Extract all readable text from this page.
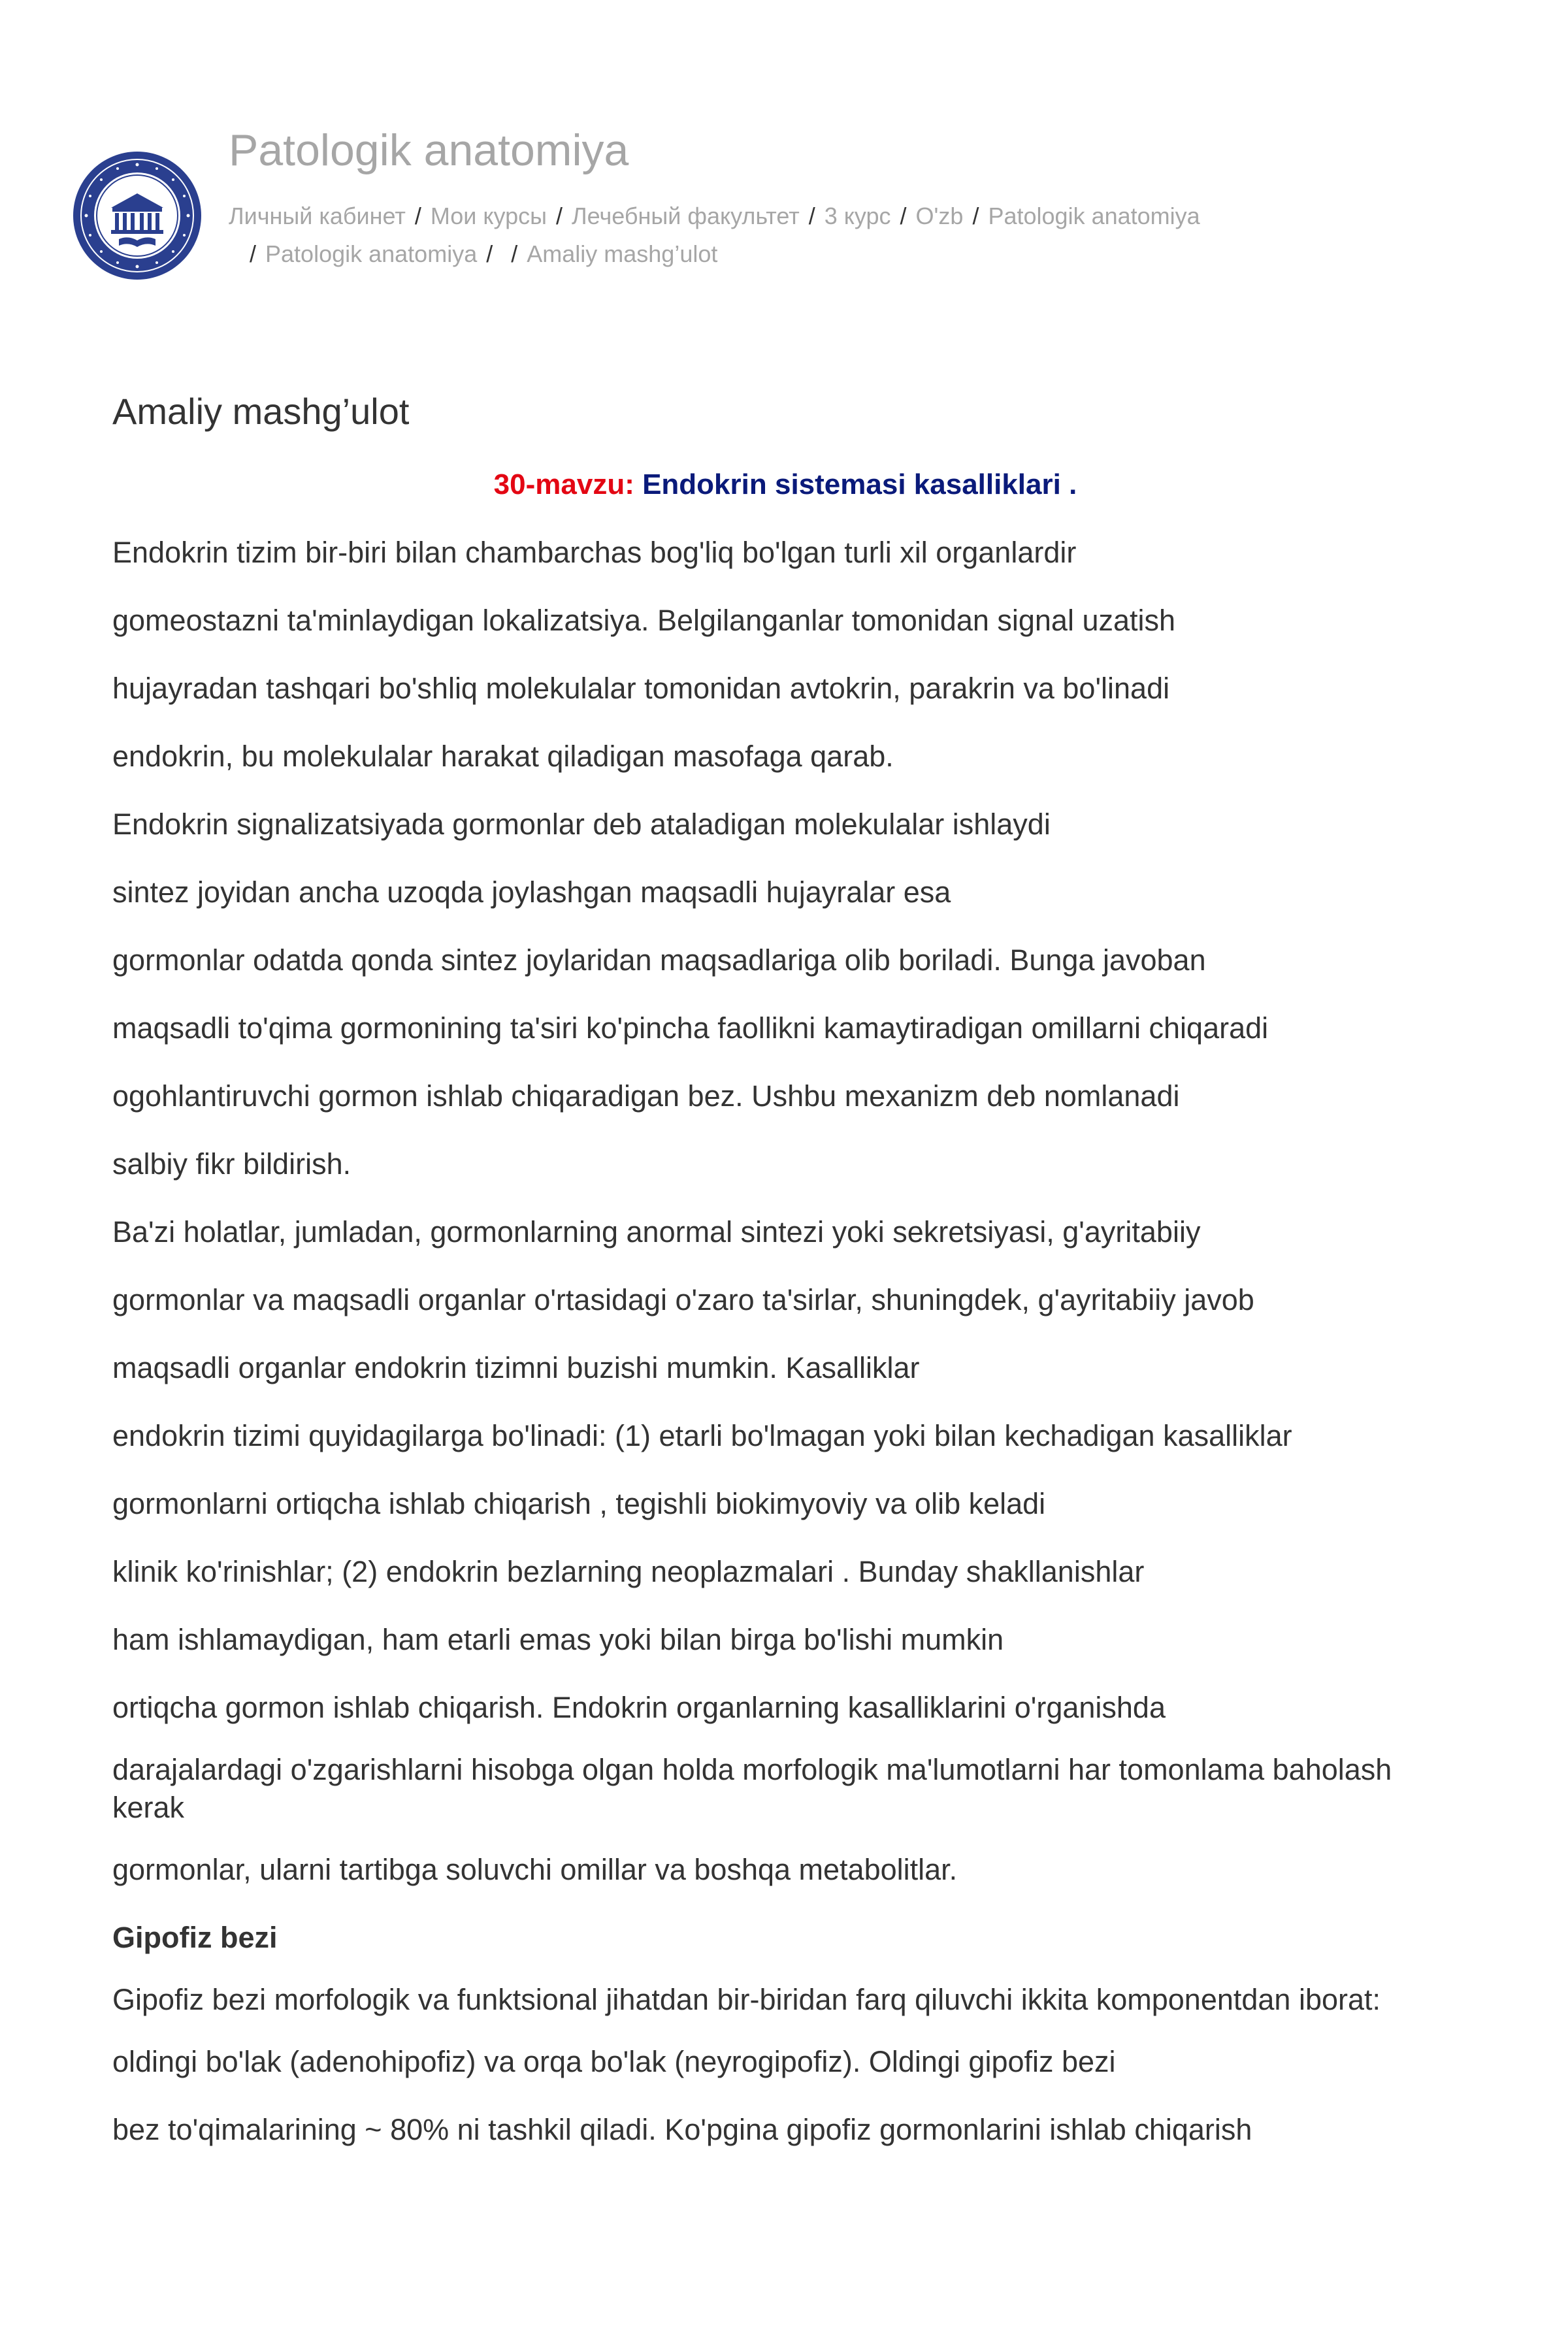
Patologik anatomiya
Личный кабинет / Мои курсы / Лечебный факультет / 3 курс / O'zb / Patologik anatomiya
/ Patologik anatomiya / / Amaliy mashg’ulot
Amaliy mashg’ulot
30-mavzu: Endokrin sistemasi kasalliklari .
Endokrin tizim bir-biri bilan chambarchas bog'liq bo'lgan turli xil organlardir
gomeostazni ta'minlaydigan lokalizatsiya. Belgilanganlar tomonidan signal uzatish
hujayradan tashqari bo'shliq molekulalar tomonidan avtokrin, parakrin va bo'linadi
endokrin, bu molekulalar harakat qiladigan masofaga qarab.
Endokrin signalizatsiyada gormonlar deb ataladigan molekulalar ishlaydi
sintez joyidan ancha uzoqda joylashgan maqsadli hujayralar esa
gormonlar odatda qonda sintez joylaridan maqsadlariga olib boriladi. Bunga javoban
maqsadli to'qima gormonining ta'siri ko'pincha faollikni kamaytiradigan omillarni chiqaradi
ogohlantiruvchi gormon ishlab chiqaradigan bez. Ushbu mexanizm deb nomlanadi
salbiy fikr bildirish.
Ba'zi holatlar, jumladan, gormonlarning anormal sintezi yoki sekretsiyasi, g'ayritabiiy
gormonlar va maqsadli organlar o'rtasidagi o'zaro ta'sirlar, shuningdek, g'ayritabiiy javob
maqsadli organlar endokrin tizimni buzishi mumkin. Kasalliklar
endokrin tizimi quyidagilarga bo'linadi: (1) etarli bo'lmagan yoki bilan kechadigan kasalliklar
gormonlarni ortiqcha ishlab chiqarish , tegishli biokimyoviy va olib keladi
klinik ko'rinishlar; (2) endokrin bezlarning neoplazmalari . Bunday shakllanishlar
ham ishlamaydigan, ham etarli emas yoki bilan birga bo'lishi mumkin
ortiqcha gormon ishlab chiqarish. Endokrin organlarning kasalliklarini o'rganishda
darajalardagi o'zgarishlarni hisobga olgan holda morfologik ma'lumotlarni har tomonlama baholash kerak
gormonlar, ularni tartibga soluvchi omillar va boshqa metabolitlar.
Gipofiz bezi
Gipofiz bezi morfologik va funktsional jihatdan bir-biridan farq qiluvchi ikkita komponentdan iborat:
oldingi bo'lak (adenohipofiz) va orqa bo'lak (neyrogipofiz). Oldingi gipofiz bezi
bez to'qimalarining ~ 80% ni tashkil qiladi. Ko'pgina gipofiz gormonlarini ishlab chiqarish
